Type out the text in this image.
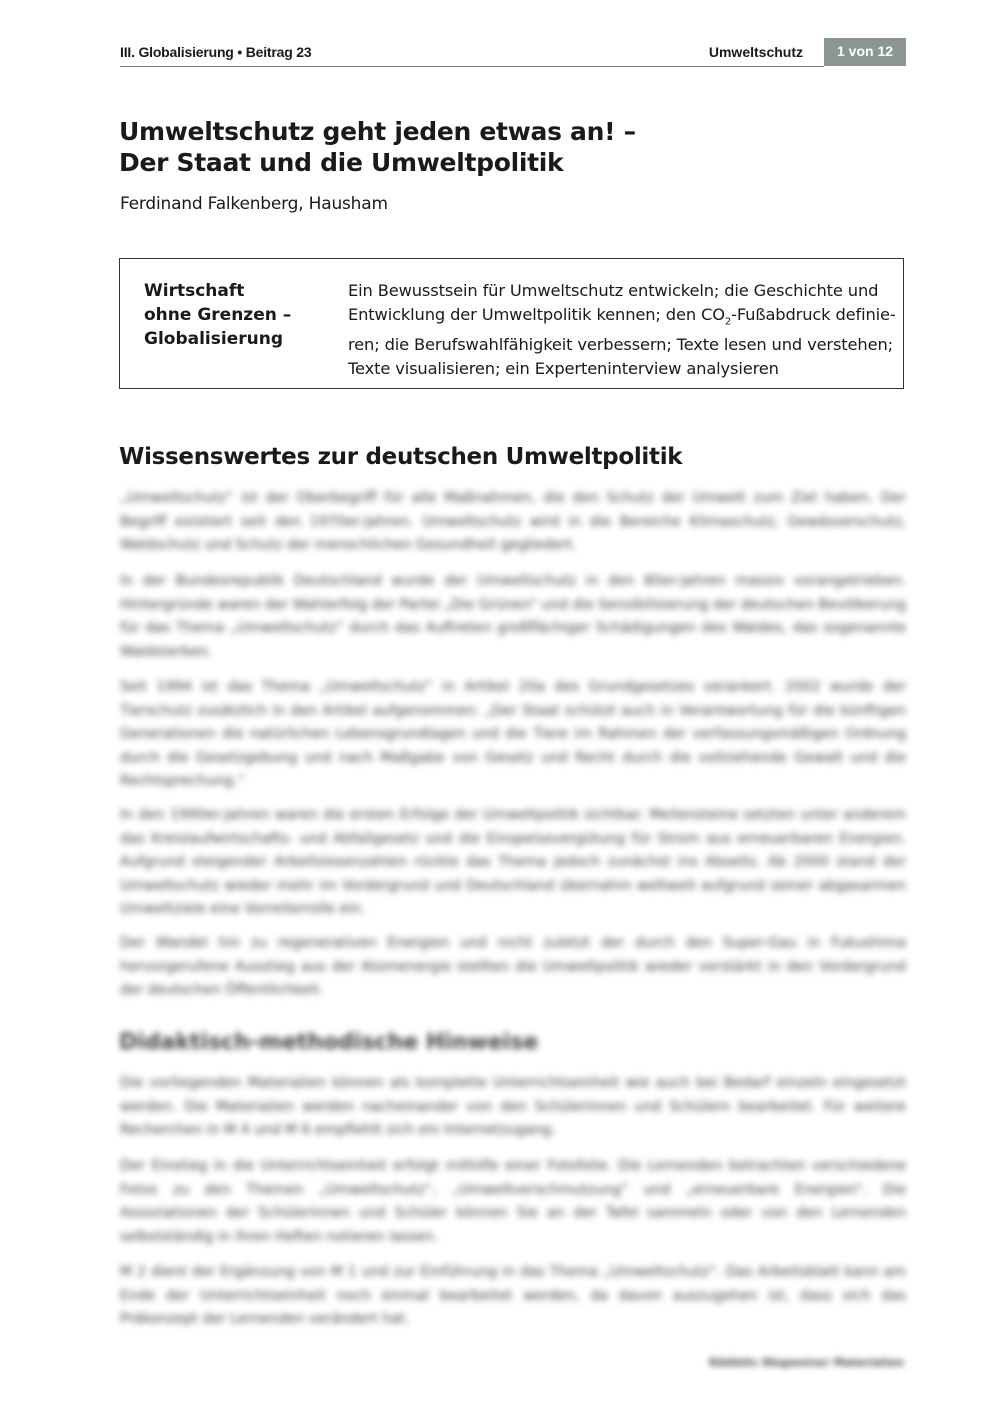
III. Globalisierung • Beitrag 23	Umweltschutz	1 von 12
Umweltschutz geht jeden etwas an! –
Der Staat und die Umweltpolitik
Ferdinand Falkenberg, Hausham
Wirtschaft
ohne Grenzen –
Globalisierung
Ein Bewusstsein für Umweltschutz entwickeln; die Geschichte und
Entwicklung der Umweltpolitik kennen; den $CO_2$-Fußabdruck definie-
ren; die Berufswahlfähigkeit verbessern; Texte lesen und verstehen;
Texte visualisieren; ein Experteninterview analysieren
Wissenswertes zur deutschen Umweltpolitik
„Umweltschutz“ ist der Oberbegriff für alle Maßnahmen, die den Schutz der Umwelt zum Ziel haben. Der Begriff existiert seit den 1970er-Jahren. Umweltschutz wird in die Bereiche Klimaschutz, Gewässerschutz, Waldschutz und Schutz der menschlichen Gesundheit gegliedert.
In der Bundesrepublik Deutschland wurde der Umweltschutz in den 80er-Jahren massiv vorangetrieben. Hintergründe waren der Wahlerfolg der Partei „Die Grünen“ und die Sensibilisierung der deutschen Bevölkerung für das Thema „Umweltschutz“ durch das Auftreten großflächiger Schädigungen des Waldes, das sogenannte Waldsterben.
Seit 1994 ist das Thema „Umweltschutz“ in Artikel 20a des Grundgesetzes verankert. 2002 wurde der Tierschutz zusätzlich in den Artikel aufgenommen: „Der Staat schützt auch in Verantwortung für die künftigen Generationen die natürlichen Lebensgrundlagen und die Tiere im Rahmen der verfassungsmäßigen Ordnung durch die Gesetzgebung und nach Maßgabe von Gesetz und Recht durch die vollziehende Gewalt und die Rechtsprechung.“
In den 1990er-Jahren waren die ersten Erfolge der Umweltpolitik sichtbar. Meilensteine setzten unter anderem das Kreislaufwirtschafts- und Abfallgesetz und die Einspeisevergütung für Strom aus erneuerbaren Energien. Aufgrund steigender Arbeitslosenzahlen rückte das Thema jedoch zunächst ins Abseits. Ab 2000 stand der Umweltschutz wieder mehr im Vordergrund und Deutschland übernahm weltweit aufgrund seiner abgasarmen Umweltziele eine Vorreiterrolle ein.
Der Wandel hin zu regenerativen Energien und nicht zuletzt der durch den Super-Gau in Fukushima hervorgerufene Ausstieg aus der Atomenergie stellten die Umweltpolitik wieder verstärkt in den Vordergrund der deutschen Öffentlichkeit.
Didaktisch-methodische Hinweise
Die vorliegenden Materialien können als komplette Unterrichtseinheit wie auch bei Bedarf einzeln eingesetzt werden. Die Materialien werden nacheinander von den Schülerinnen und Schülern bearbeitet. Für weitere Recherchen in M 4 und M 6 empfiehlt sich ein Internetzugang.
Der Einstieg in die Unterrichtseinheit erfolgt mithilfe einer Fotofolie. Die Lernenden betrachten verschiedene Fotos zu den Themen „Umweltschutz“, „Umweltverschmutzung“ und „erneuerbare Energien“. Die Assoziationen der Schülerinnen und Schüler können Sie an der Tafel sammeln oder von den Lernenden selbstständig in ihren Heften notieren lassen.
M 2 dient der Ergänzung von M 1 und zur Einführung in das Thema „Umweltschutz“. Das Arbeitsblatt kann am Ende der Unterrichtseinheit noch einmal bearbeitet werden, da davon auszugehen ist, dass sich das Präkonzept der Lernenden verändert hat.
RAAbits Wegweiser Materialien
